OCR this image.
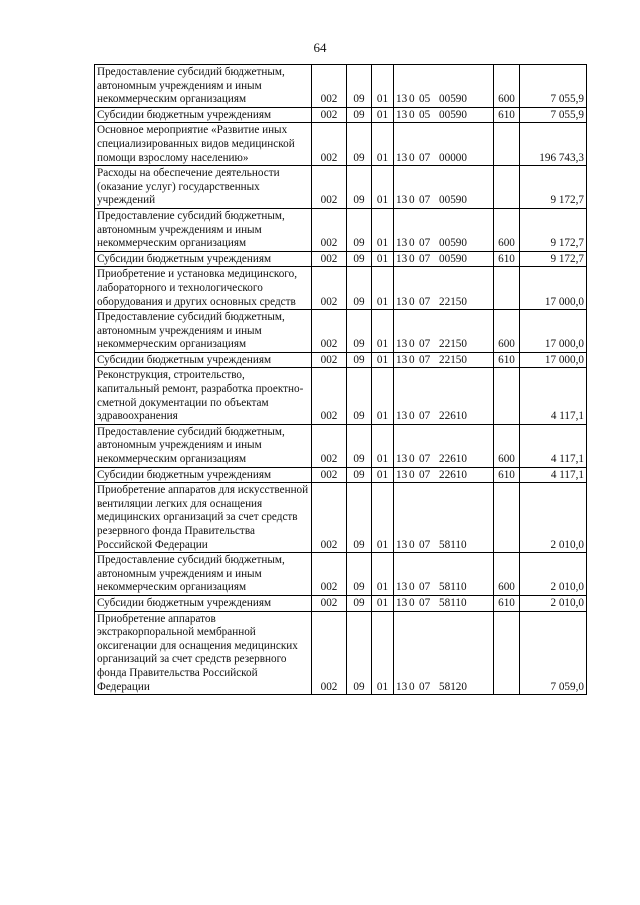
64
Предоставление субсидий бюджетным, автономным учреждениям и иным некоммерческим организациям	002	09	01	13 0 05 00590	600	7 055,9
Субсидии бюджетным учреждениям	002	09	01	13 0 05 00590	610	7 055,9
Основное мероприятие «Развитие иных специализированных видов медицинской помощи взрослому населению»	002	09	01	13 0 07 00000		196 743,3
Расходы на обеспечение деятельности (оказание услуг) государственных учреждений	002	09	01	13 0 07 00590		9 172,7
Предоставление субсидий бюджетным, автономным учреждениям и иным некоммерческим организациям	002	09	01	13 0 07 00590	600	9 172,7
Субсидии бюджетным учреждениям	002	09	01	13 0 07 00590	610	9 172,7
Приобретение и установка медицинского, лабораторного и технологического оборудования и других основных средств	002	09	01	13 0 07 22150		17 000,0
Предоставление субсидий бюджетным, автономным учреждениям и иным некоммерческим организациям	002	09	01	13 0 07 22150	600	17 000,0
Субсидии бюджетным учреждениям	002	09	01	13 0 07 22150	610	17 000,0
Реконструкция, строительство, капитальный ремонт, разработка проектно-сметной документации по объектам здравоохранения	002	09	01	13 0 07 22610		4 117,1
Предоставление субсидий бюджетным, автономным учреждениям и иным некоммерческим организациям	002	09	01	13 0 07 22610	600	4 117,1
Субсидии бюджетным учреждениям	002	09	01	13 0 07 22610	610	4 117,1
Приобретение аппаратов для искусственной вентиляции легких для оснащения медицинских организаций за счет средств резервного фонда Правительства Российской Федерации	002	09	01	13 0 07 58110		2 010,0
Предоставление субсидий бюджетным, автономным учреждениям и иным некоммерческим организациям	002	09	01	13 0 07 58110	600	2 010,0
Субсидии бюджетным учреждениям	002	09	01	13 0 07 58110	610	2 010,0
Приобретение аппаратов экстракорпоральной мембранной оксигенации для оснащения медицинских организаций за счет средств резервного фонда Правительства Российской Федерации	002	09	01	13 0 07 58120		7 059,0
